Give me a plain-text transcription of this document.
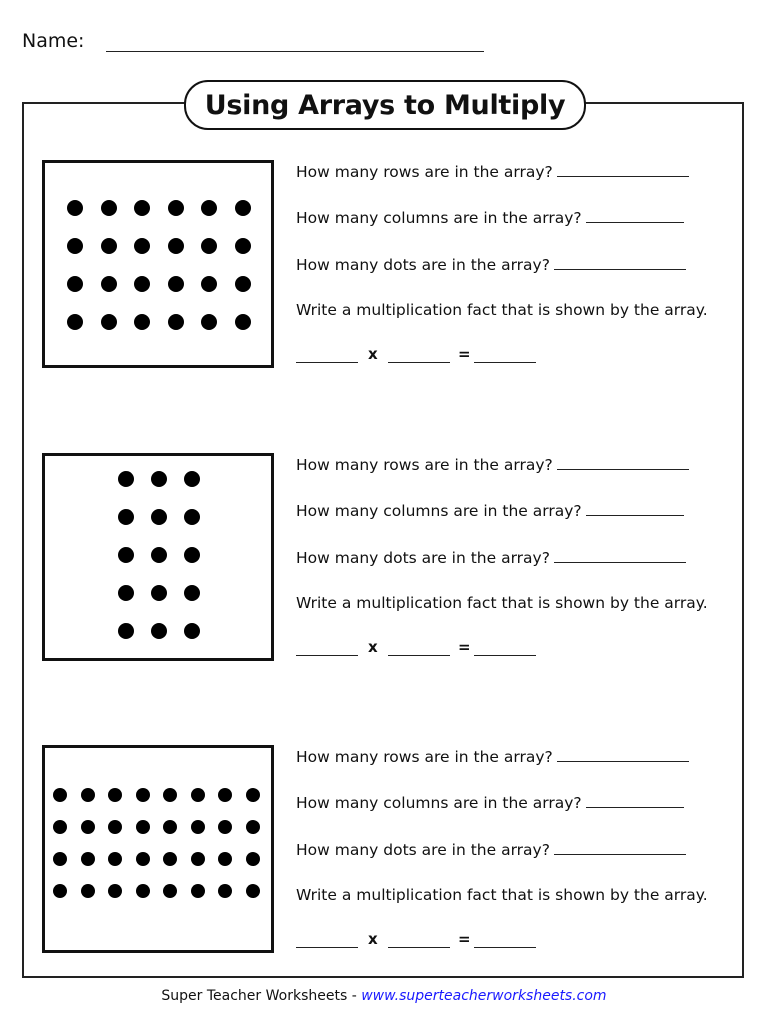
Name:
Using Arrays to Multiply
How many rows are in the array?
How many columns are in the array?
How many dots are in the array?
Write a multiplication fact that is shown by the array.
x	=
How many rows are in the array?
How many columns are in the array?
How many dots are in the array?
Write a multiplication fact that is shown by the array.
x	=
How many rows are in the array?
How many columns are in the array?
How many dots are in the array?
Write a multiplication fact that is shown by the array.
x	=
Super Teacher Worksheets - www.superteacherworksheets.com
